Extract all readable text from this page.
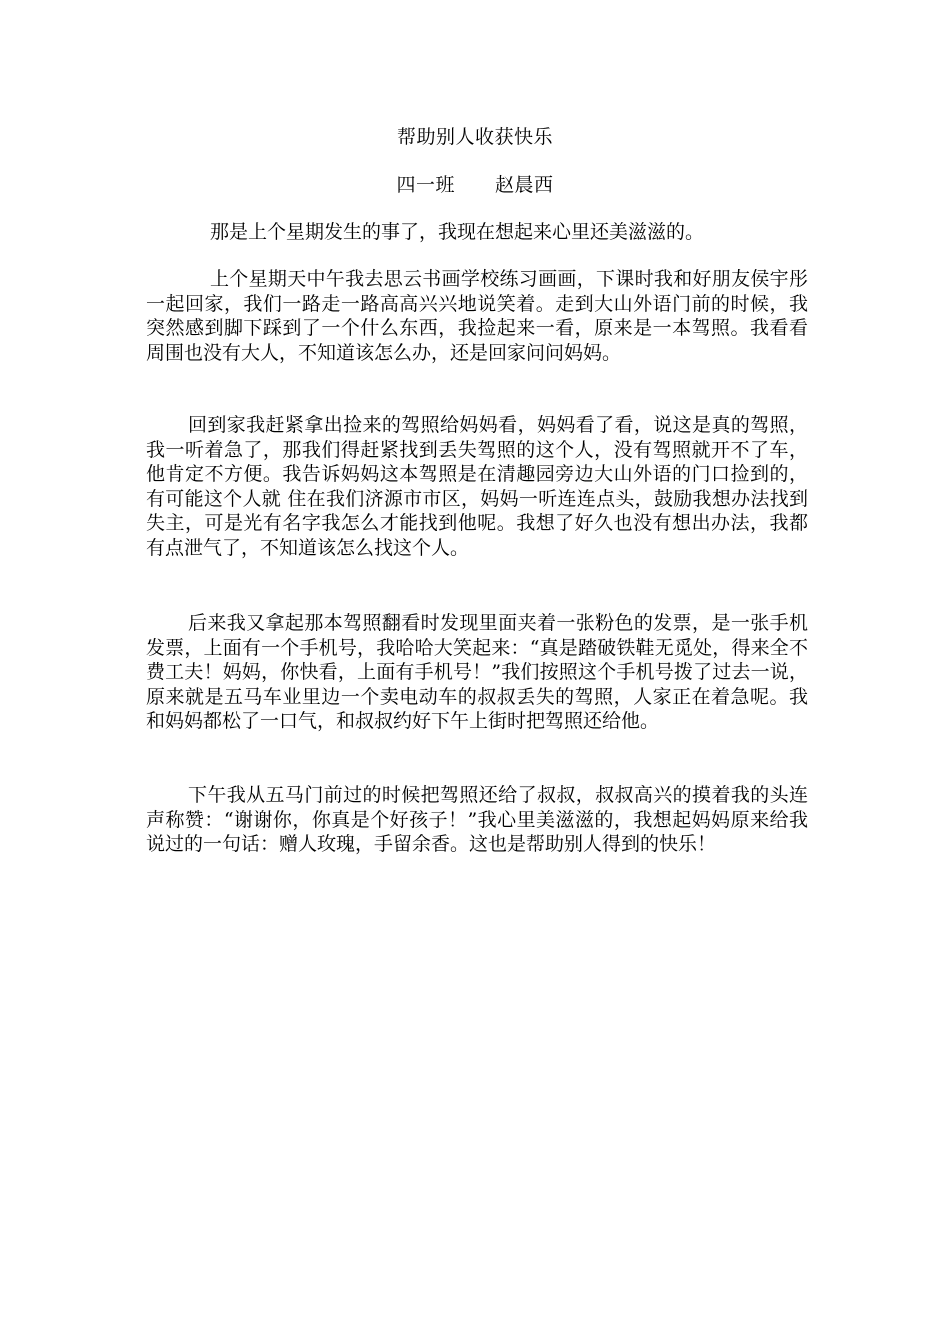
帮助别人收获快乐
四一班 赵晨西
那是上个星期发生的事了，我现在想起来心里还美滋滋的。

上个星期天中午我去思云书画学校练习画画，下课时我和好朋友侯宇彤一起回家，我们一路走一路高高兴兴地说笑着。走到大山外语门前的时候，我突然感到脚下踩到了一个什么东西，我捡起来一看，原来是一本驾照。我看看周围也没有大人，不知道该怎么办，还是回家问问妈妈。

回到家我赶紧拿出捡来的驾照给妈妈看，妈妈看了看，说这是真的驾照，我一听着急了，那我们得赶紧找到丢失驾照的这个人，没有驾照就开不了车，他肯定不方便。我告诉妈妈这本驾照是在清趣园旁边大山外语的门口捡到的，有可能这个人就 住在我们济源市市区，妈妈一听连连点头，鼓励我想办法找到失主，可是光有名字我怎么才能找到他呢。我想了好久也没有想出办法，我都有点泄气了，不知道该怎么找这个人。

后来我又拿起那本驾照翻看时发现里面夹着一张粉色的发票，是一张手机发票，上面有一个手机号，我哈哈大笑起来：“真是踏破铁鞋无觅处，得来全不费工夫！妈妈，你快看，上面有手机号！”我们按照这个手机号拨了过去一说，原来就是五马车业里边一个卖电动车的叔叔丢失的驾照，人家正在着急呢。我和妈妈都松了一口气，和叔叔约好下午上街时把驾照还给他。

下午我从五马门前过的时候把驾照还给了叔叔，叔叔高兴的摸着我的头连声称赞：“谢谢你，你真是个好孩子！”我心里美滋滋的，我想起妈妈原来给我说过的一句话：赠人玫瑰，手留余香。这也是帮助别人得到的快乐！
